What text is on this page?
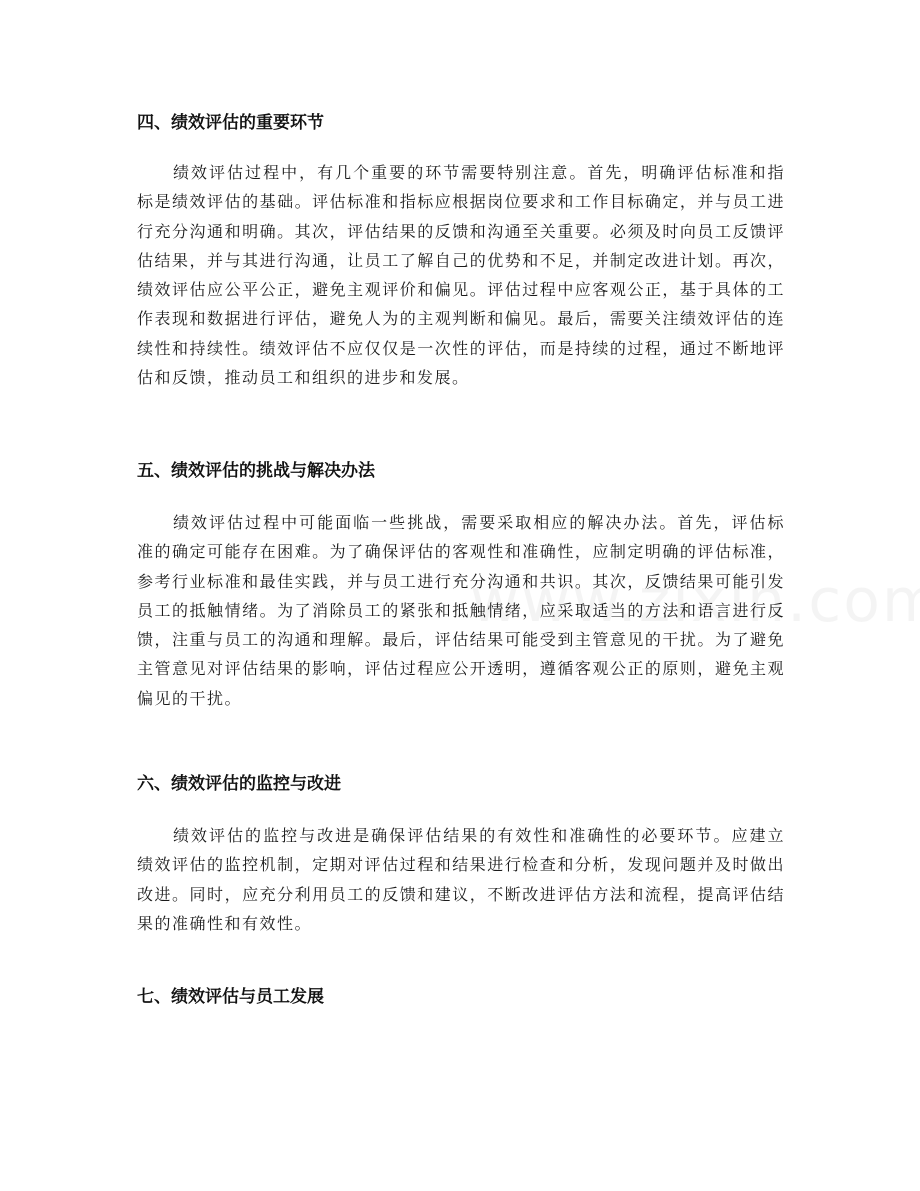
四、绩效评估的重要环节

绩效评估过程中，有几个重要的环节需要特别注意。首先，明确评估标准和指标是绩效评估的基础。评估标准和指标应根据岗位要求和工作目标确定，并与员工进行充分沟通和明确。其次，评估结果的反馈和沟通至关重要。必须及时向员工反馈评估结果，并与其进行沟通，让员工了解自己的优势和不足，并制定改进计划。再次，绩效评估应公平公正，避免主观评价和偏见。评估过程中应客观公正，基于具体的工作表现和数据进行评估，避免人为的主观判断和偏见。最后，需要关注绩效评估的连续性和持续性。绩效评估不应仅仅是一次性的评估，而是持续的过程，通过不断地评估和反馈，推动员工和组织的进步和发展。

五、绩效评估的挑战与解决办法

绩效评估过程中可能面临一些挑战，需要采取相应的解决办法。首先，评估标准的确定可能存在困难。为了确保评估的客观性和准确性，应制定明确的评估标准，参考行业标准和最佳实践，并与员工进行充分沟通和共识。其次，反馈结果可能引发员工的抵触情绪。为了消除员工的紧张和抵触情绪，应采取适当的方法和语言进行反馈，注重与员工的沟通和理解。最后，评估结果可能受到主管意见的干扰。为了避免主管意见对评估结果的影响，评估过程应公开透明，遵循客观公正的原则，避免主观偏见的干扰。

六、绩效评估的监控与改进

绩效评估的监控与改进是确保评估结果的有效性和准确性的必要环节。应建立绩效评估的监控机制，定期对评估过程和结果进行检查和分析，发现问题并及时做出改进。同时，应充分利用员工的反馈和建议，不断改进评估方法和流程，提高评估结果的准确性和有效性。

七、绩效评估与员工发展
